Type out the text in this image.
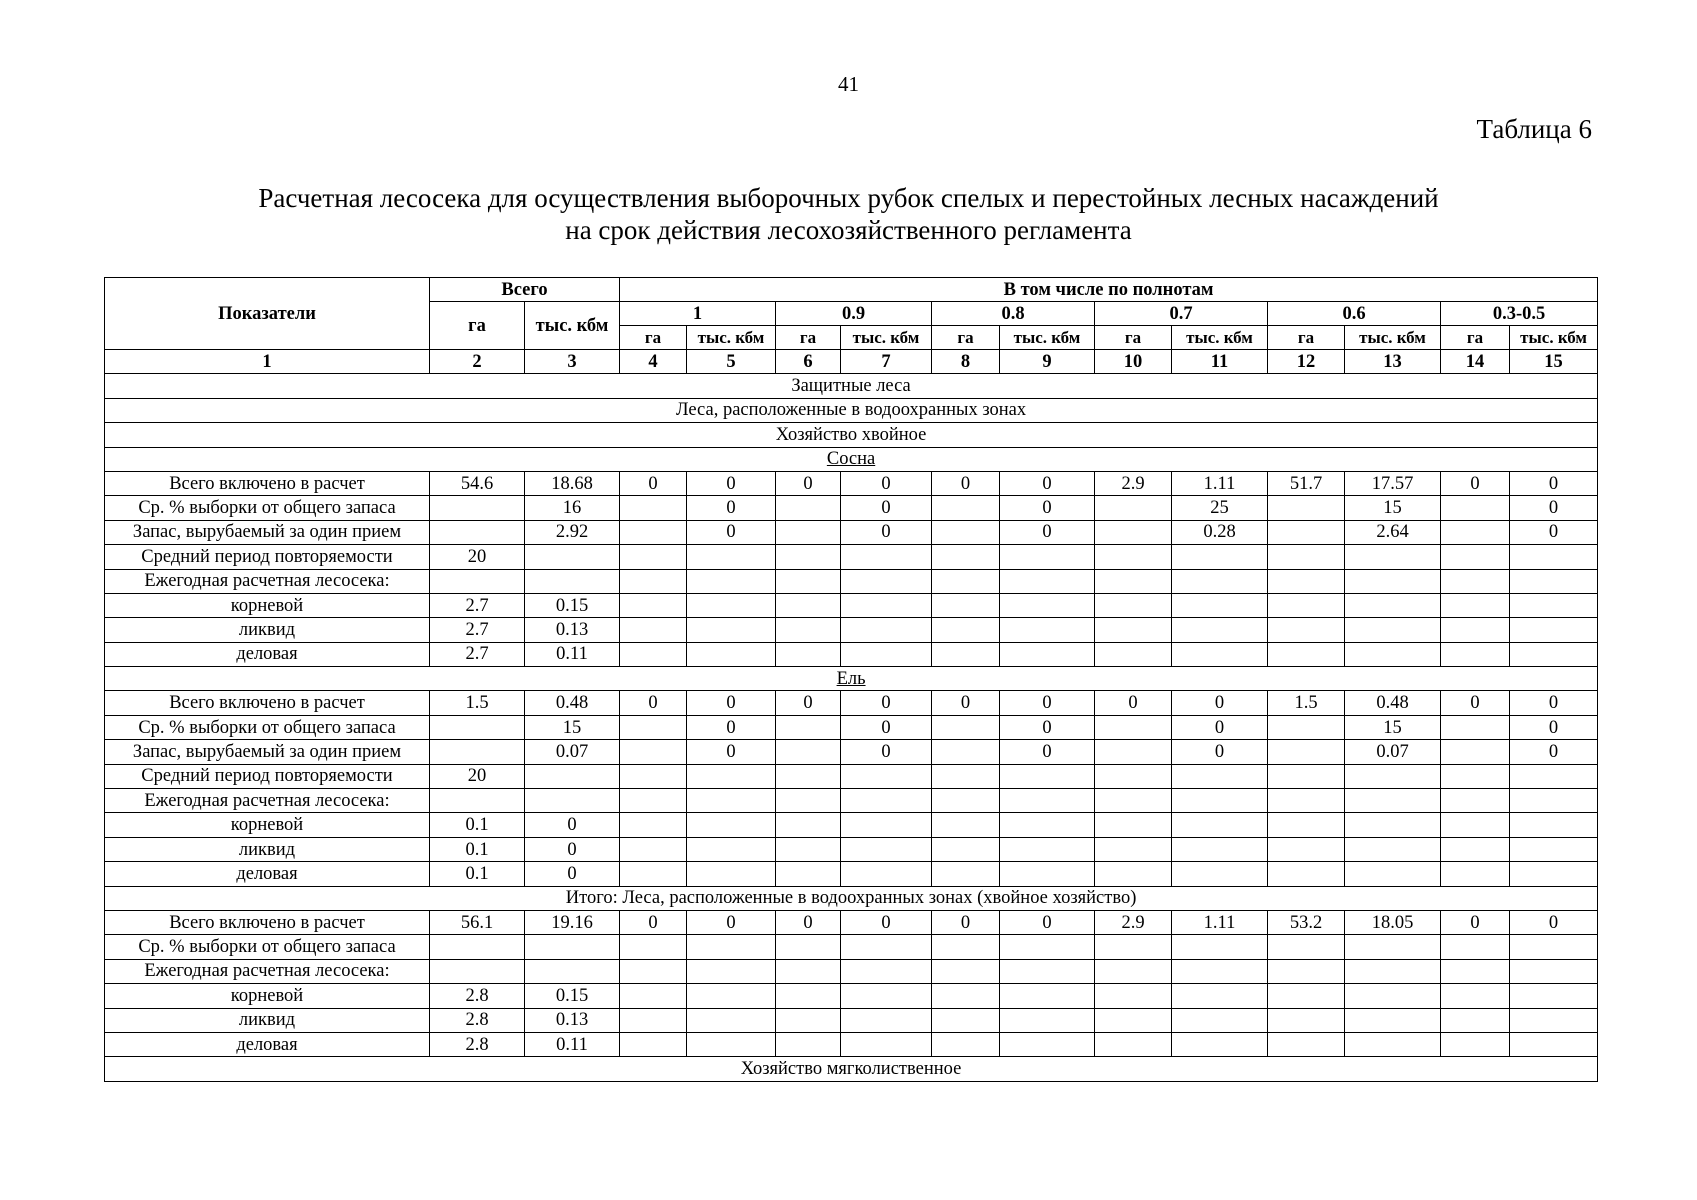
41
Таблица 6
Расчетная лесосека для осуществления выборочных рубок спелых и перестойных лесных насаждений
на срок действия лесохозяйственного регламента
Показатели	Всего		В том числе по полнотам											
	га	тыс. кбм	1		0.9		0.8		0.7		0.6		0.3-0.5	
			га	тыс. кбм	га	тыс. кбм	га	тыс. кбм	га	тыс. кбм	га	тыс. кбм	га	тыс. кбм
1	2	3	4	5	6	7	8	9	10	11	12	13	14	15
Защитные леса														
Леса, расположенные в водоохранных зонах														
Хозяйство хвойное														
Сосна														
Всего включено в расчет	54.6	18.68	0	0	0	0	0	0	2.9	1.11	51.7	17.57	0	0
Ср. % выборки от общего запаса		16		0		0		0		25		15		0
Запас, вырубаемый за один прием		2.92		0		0		0		0.28		2.64		0
Средний период повторяемости	20													
Ежегодная расчетная лесосека:														
корневой	2.7	0.15												
ликвид	2.7	0.13												
деловая	2.7	0.11												
Ель														
Всего включено в расчет	1.5	0.48	0	0	0	0	0	0	0	0	1.5	0.48	0	0
Ср. % выборки от общего запаса		15		0		0		0		0		15		0
Запас, вырубаемый за один прием		0.07		0		0		0		0		0.07		0
Средний период повторяемости	20													
Ежегодная расчетная лесосека:														
корневой	0.1	0												
ликвид	0.1	0												
деловая	0.1	0												
Итого: Леса, расположенные в водоохранных зонах (хвойное хозяйство)														
Всего включено в расчет	56.1	19.16	0	0	0	0	0	0	2.9	1.11	53.2	18.05	0	0
Ср. % выборки от общего запаса														
Ежегодная расчетная лесосека:														
корневой	2.8	0.15												
ликвид	2.8	0.13												
деловая	2.8	0.11												
Хозяйство мягколиственное														
